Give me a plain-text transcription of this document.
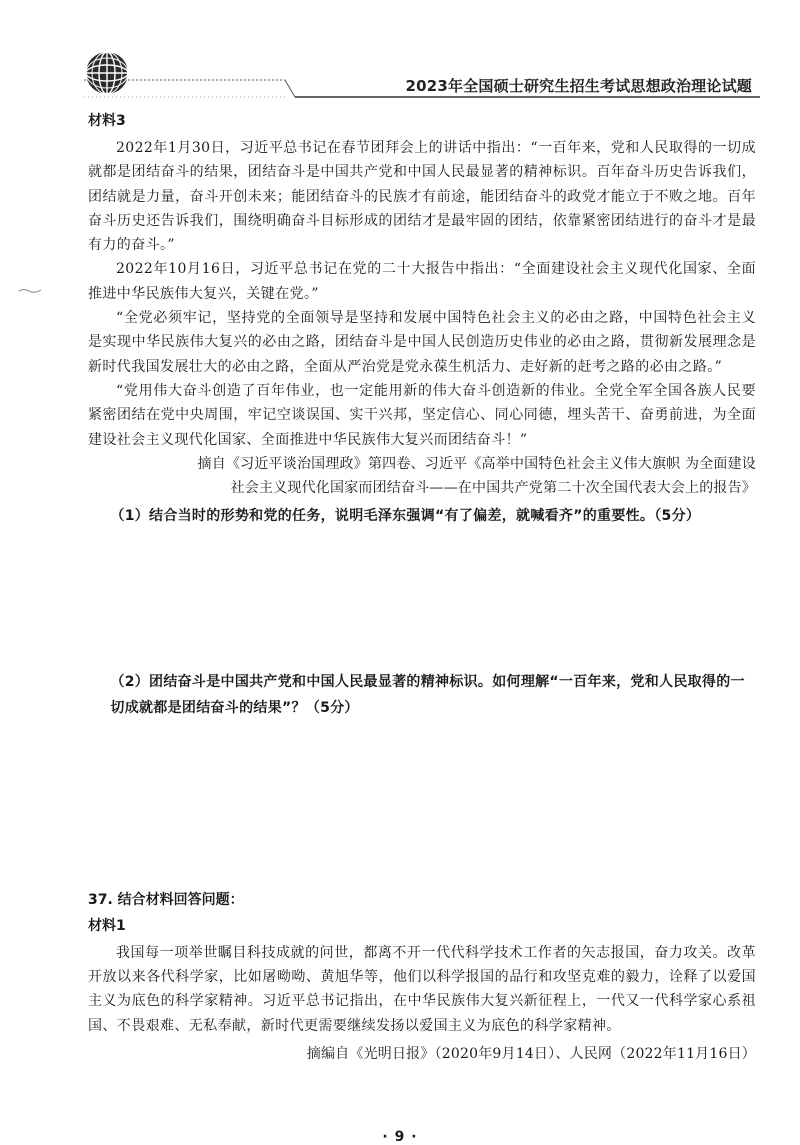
2023年全国硕士研究生招生考试思想政治理论试题

材料3

2022年1月30日，习近平总书记在春节团拜会上的讲话中指出：“一百年来，党和人民取得的一切成就都是团结奋斗的结果，团结奋斗是中国共产党和中国人民最显著的精神标识。百年奋斗历史告诉我们，团结就是力量，奋斗开创未来；能团结奋斗的民族才有前途，能团结奋斗的政党才能立于不败之地。百年奋斗历史还告诉我们，围绕明确奋斗目标形成的团结才是最牢固的团结，依靠紧密团结进行的奋斗才是最有力的奋斗。”

2022年10月16日，习近平总书记在党的二十大报告中指出：“全面建设社会主义现代化国家、全面推进中华民族伟大复兴，关键在党。”

“全党必须牢记，坚持党的全面领导是坚持和发展中国特色社会主义的必由之路，中国特色社会主义是实现中华民族伟大复兴的必由之路，团结奋斗是中国人民创造历史伟业的必由之路，贯彻新发展理念是新时代我国发展壮大的必由之路，全面从严治党是党永葆生机活力、走好新的赶考之路的必由之路。”

“党用伟大奋斗创造了百年伟业，也一定能用新的伟大奋斗创造新的伟业。全党全军全国各族人民要紧密团结在党中央周围，牢记空谈误国、实干兴邦，坚定信心、同心同德，埋头苦干、奋勇前进，为全面建设社会主义现代化国家、全面推进中华民族伟大复兴而团结奋斗！”

摘自《习近平谈治国理政》第四卷、习近平《高举中国特色社会主义伟大旗帜 为全面建设

社会主义现代化国家而团结奋斗——在中国共产党第二十次全国代表大会上的报告》

（1）结合当时的形势和党的任务，说明毛泽东强调“有了偏差，就喊看齐”的重要性。（5分）

（2）团结奋斗是中国共产党和中国人民最显著的精神标识。如何理解“一百年来，党和人民取得的一切成就都是团结奋斗的结果”？（5分）

37. 结合材料回答问题：

材料1

我国每一项举世瞩目科技成就的问世，都离不开一代代科学技术工作者的矢志报国，奋力攻关。改革开放以来各代科学家，比如屠呦呦、黄旭华等，他们以科学报国的品行和攻坚克难的毅力，诠释了以爱国主义为底色的科学家精神。习近平总书记指出，在中华民族伟大复兴新征程上，一代又一代科学家心系祖国、不畏艰难、无私奉献，新时代更需要继续发扬以爱国主义为底色的科学家精神。

摘编自《光明日报》（2020年9月14日）、人民网（2022年11月16日）

· 9 ·
